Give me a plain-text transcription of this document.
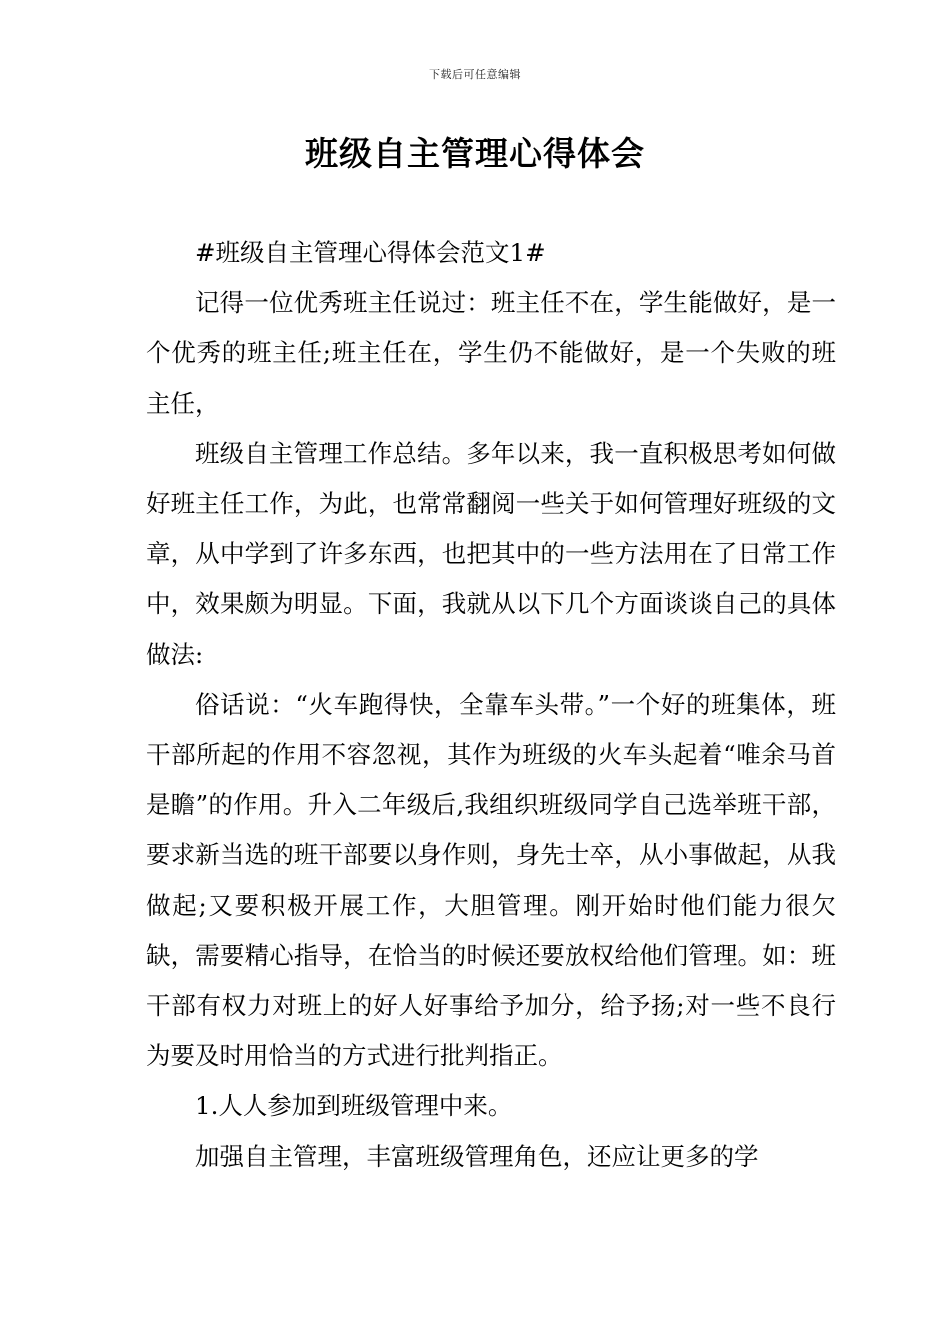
下载后可任意编辑
班级自主管理心得体会

#班级自主管理心得体会范文1#

记得一位优秀班主任说过：班主任不在，学生能做好，是一个优秀的班主任;班主任在，学生仍不能做好，是一个失败的班主任，

班级自主管理工作总结。多年以来，我一直积极思考如何做好班主任工作，为此，也常常翻阅一些关于如何管理好班级的文章，从中学到了许多东西，也把其中的一些方法用在了日常工作中，效果颇为明显。下面，我就从以下几个方面谈谈自己的具体做法:

俗话说：“火车跑得快，全靠车头带。”一个好的班集体，班干部所起的作用不容忽视，其作为班级的火车头起着“唯余马首是瞻”的作用。升入二年级后,我组织班级同学自己选举班干部，要求新当选的班干部要以身作则，身先士卒，从小事做起，从我做起;又要积极开展工作，大胆管理。刚开始时他们能力很欠缺，需要精心指导，在恰当的时候还要放权给他们管理。如：班干部有权力对班上的好人好事给予加分，给予扬;对一些不良行为要及时用恰当的方式进行批判指正。

1.人人参加到班级管理中来。

加强自主管理，丰富班级管理角色，还应让更多的学
